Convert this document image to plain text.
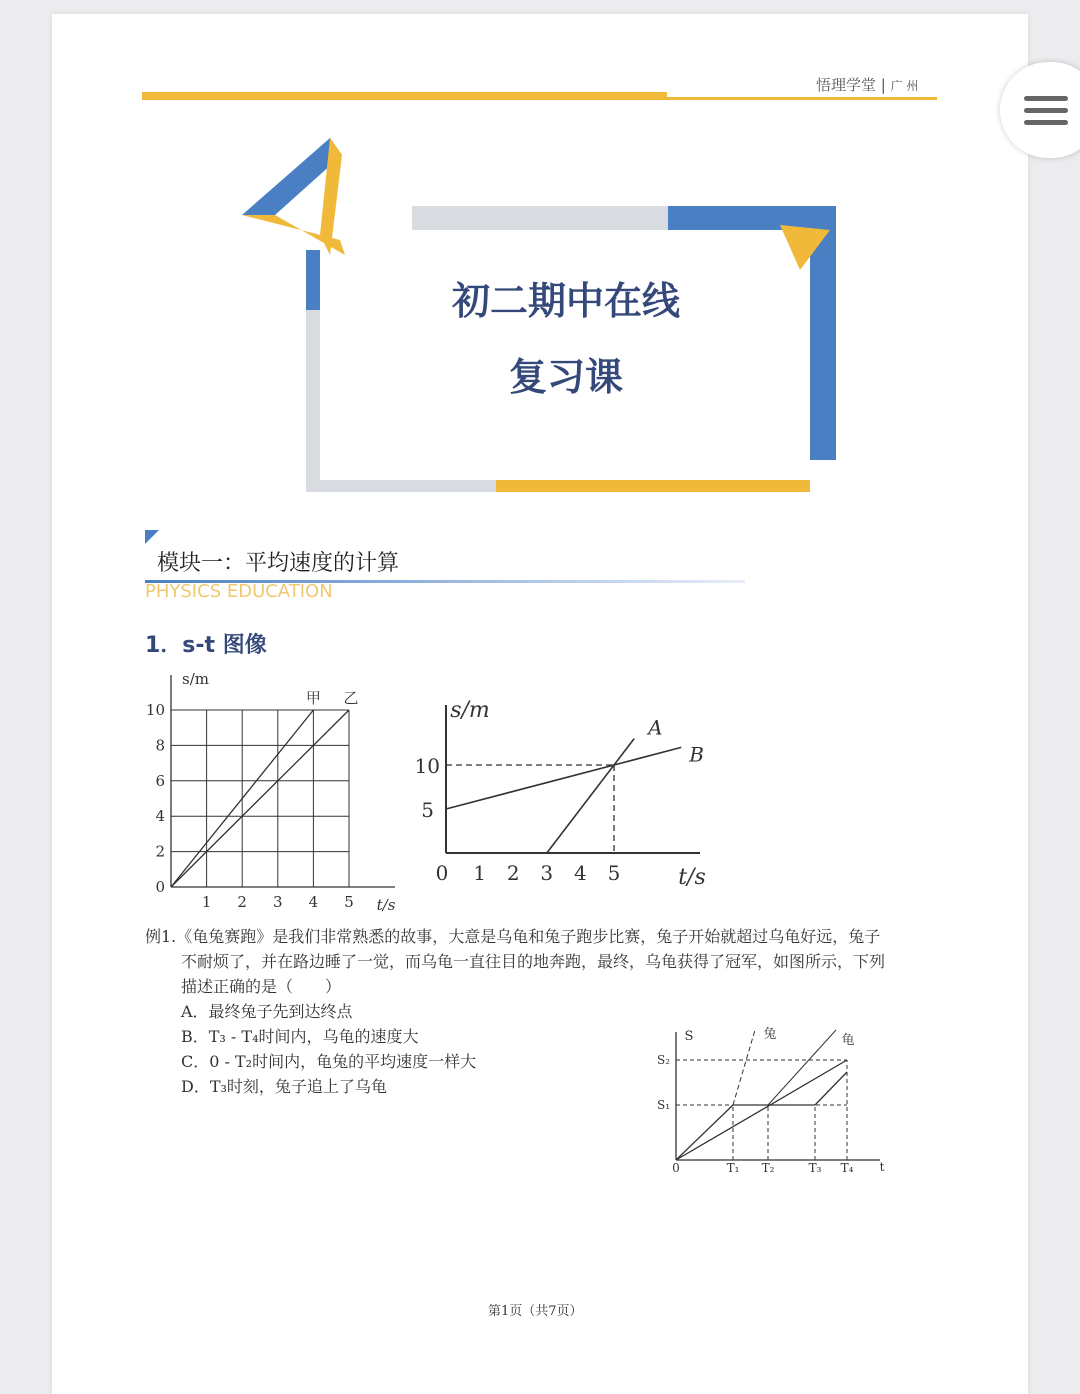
悟理学堂 | 广 州
初二期中在线
复习课
模块一：平均速度的计算
PHYSICS EDUCATION
1．s-t 图像
1 2 3 4 5
0
2
4
6
8
10
s/m
t/s
甲 乙
0 1 2 3 4 5
5
10
s/m
t/s
A
B
S
t
0	T₁ T₂	T₃ T₄
S₁
S₂
兔	龟
例1.《龟兔赛跑》是我们非常熟悉的故事，大意是乌龟和兔子跑步比赛，兔子开始就超过乌龟好远，兔子
不耐烦了，并在路边睡了一觉，而乌龟一直往目的地奔跑，最终，乌龟获得了冠军，如图所示，下列
描述正确的是（　　）
A．最终兔子先到达终点
B．T₃ - T₄时间内，乌龟的速度大
C．0 - T₂时间内，龟兔的平均速度一样大
D．T₃时刻，兔子追上了乌龟
第1页（共7页）
